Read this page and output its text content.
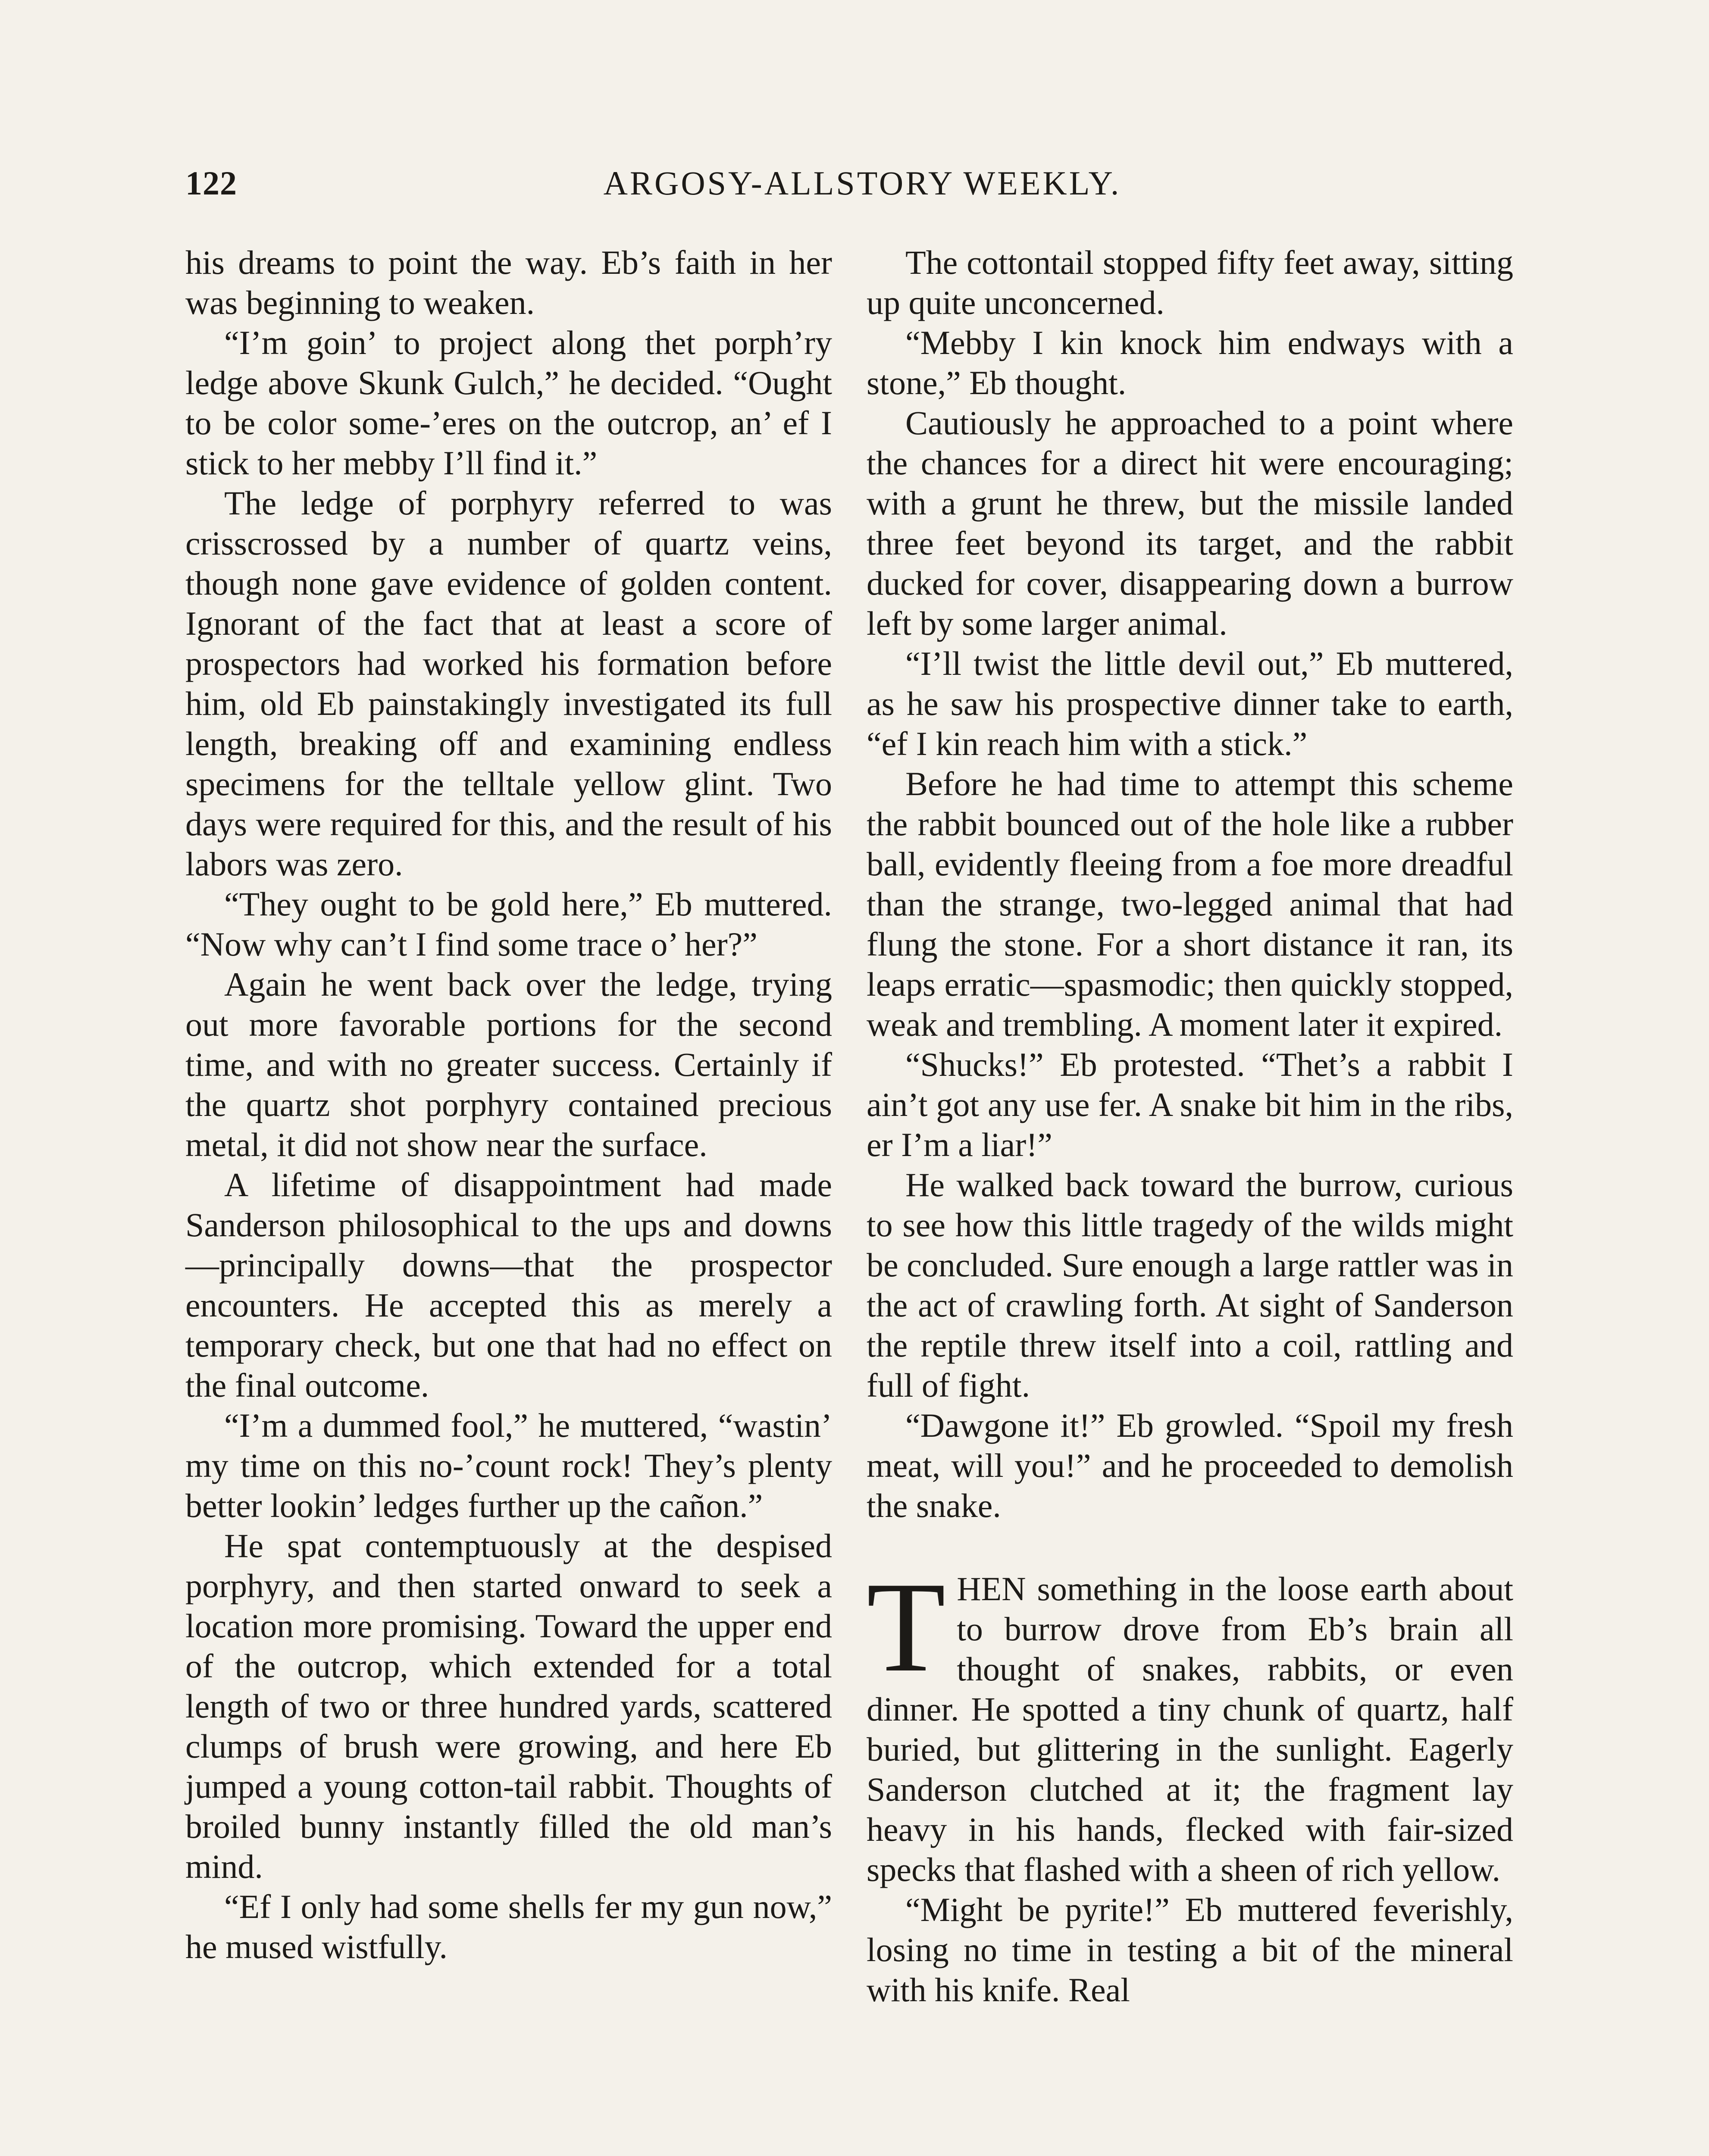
122	ARGOSY-ALLSTORY WEEKLY.

his dreams to point the way. Eb’s faith in her was beginning to weaken.

“I’m goin’ to project along thet porph’ry ledge above Skunk Gulch,” he decided. “Ought to be color some-’eres on the outcrop, an’ ef I stick to her mebby I’ll find it.”

The ledge of porphyry referred to was crisscrossed by a number of quartz veins, though none gave evidence of golden content. Ignorant of the fact that at least a score of prospectors had worked his formation before him, old Eb painstakingly investigated its full length, breaking off and examining endless specimens for the telltale yellow glint. Two days were required for this, and the result of his labors was zero.

“They ought to be gold here,” Eb muttered. “Now why can’t I find some trace o’ her?”

Again he went back over the ledge, trying out more favorable portions for the second time, and with no greater success. Certainly if the quartz shot porphyry contained precious metal, it did not show near the surface.

A lifetime of disappointment had made Sanderson philosophical to the ups and downs—principally downs—that the prospector encounters. He accepted this as merely a temporary check, but one that had no effect on the final outcome.

“I’m a dummed fool,” he muttered, “wastin’ my time on this no-’count rock! They’s plenty better lookin’ ledges further up the cañon.”

He spat contemptuously at the despised porphyry, and then started onward to seek a location more promising. Toward the upper end of the outcrop, which extended for a total length of two or three hundred yards, scattered clumps of brush were growing, and here Eb jumped a young cotton-tail rabbit. Thoughts of broiled bunny instantly filled the old man’s mind.

“Ef I only had some shells fer my gun now,” he mused wistfully.

The cottontail stopped fifty feet away, sitting up quite unconcerned.

“Mebby I kin knock him endways with a stone,” Eb thought.

Cautiously he approached to a point where the chances for a direct hit were encouraging; with a grunt he threw, but the missile landed three feet beyond its target, and the rabbit ducked for cover, disappearing down a burrow left by some larger animal.

“I’ll twist the little devil out,” Eb muttered, as he saw his prospective dinner take to earth, “ef I kin reach him with a stick.”

Before he had time to attempt this scheme the rabbit bounced out of the hole like a rubber ball, evidently fleeing from a foe more dreadful than the strange, two-legged animal that had flung the stone. For a short distance it ran, its leaps erratic—spasmodic; then quickly stopped, weak and trembling. A moment later it expired.

“Shucks!” Eb protested. “Thet’s a rabbit I ain’t got any use fer. A snake bit him in the ribs, er I’m a liar!”

He walked back toward the burrow, curious to see how this little tragedy of the wilds might be concluded. Sure enough a large rattler was in the act of crawling forth. At sight of Sanderson the reptile threw itself into a coil, rattling and full of fight.

“Dawgone it!” Eb growled. “Spoil my fresh meat, will you!” and he proceeded to demolish the snake.

THEN something in the loose earth about to burrow drove from Eb’s brain all thought of snakes, rabbits, or even dinner. He spotted a tiny chunk of quartz, half buried, but glittering in the sunlight. Eagerly Sanderson clutched at it; the fragment lay heavy in his hands, flecked with fair-sized specks that flashed with a sheen of rich yellow.

“Might be pyrite!” Eb muttered feverishly, losing no time in testing a bit of the mineral with his knife. Real
